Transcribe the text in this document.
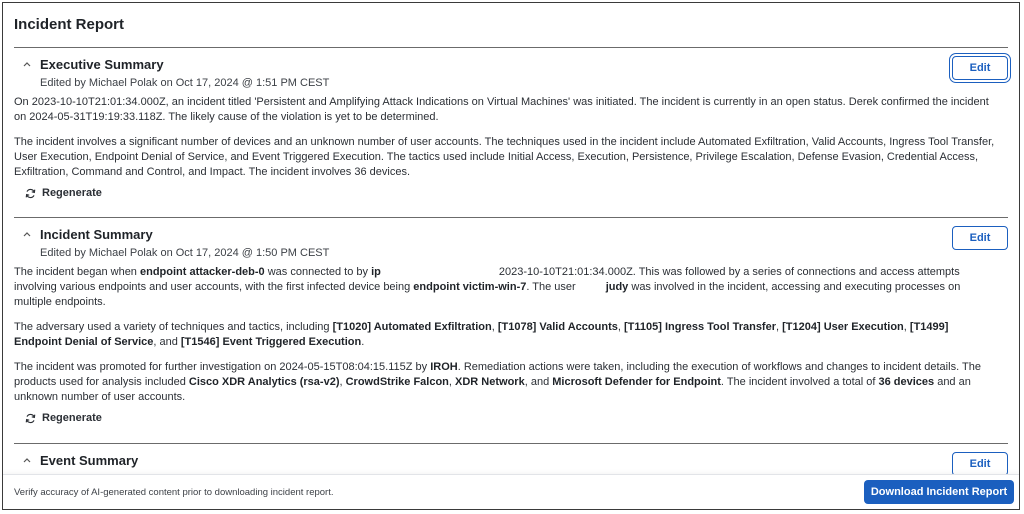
Incident Report
Executive Summary
Edited by Michael Polak on Oct 17, 2024 @ 1:51 PM CEST
Edit

On 2023-10-10T21:01:34.000Z, an incident titled 'Persistent and Amplifying Attack Indications on Virtual Machines' was initiated. The incident is currently in an open status. Derek confirmed the incident on 2024-05-31T19:19:33.118Z. The likely cause of the violation is yet to be determined.

The incident involves a significant number of devices and an unknown number of user accounts. The techniques used in the incident include Automated Exfiltration, Valid Accounts, Ingress Tool Transfer, User Execution, Endpoint Denial of Service, and Event Triggered Execution. The tactics used include Initial Access, Execution, Persistence, Privilege Escalation, Defense Evasion, Credential Access, Exfiltration, Command and Control, and Impact. The incident involves 36 devices.

Regenerate
Incident Summary
Edited by Michael Polak on Oct 17, 2024 @ 1:50 PM CEST
Edit

The incident began when endpoint attacker-deb-0 was connected to by ip	2023-10-10T21:01:34.000Z. This was followed by a series of connections and access attempts involving various endpoints and user accounts, with the first infected device being endpoint victim-win-7. The user	judy was involved in the incident, accessing and executing processes on multiple endpoints.

The adversary used a variety of techniques and tactics, including [T1020] Automated Exfiltration, [T1078] Valid Accounts, [T1105] Ingress Tool Transfer, [T1204] User Execution, [T1499] Endpoint Denial of Service, and [T1546] Event Triggered Execution.

The incident was promoted for further investigation on 2024-05-15T08:04:15.115Z by IROH. Remediation actions were taken, including the execution of workflows and changes to incident details. The products used for analysis included Cisco XDR Analytics (rsa-v2), CrowdStrike Falcon, XDR Network, and Microsoft Defender for Endpoint. The incident involved a total of 36 devices and an unknown number of user accounts.

Regenerate
Event Summary	Edit
Verify accuracy of AI-generated content prior to downloading incident report.	Download Incident Report
